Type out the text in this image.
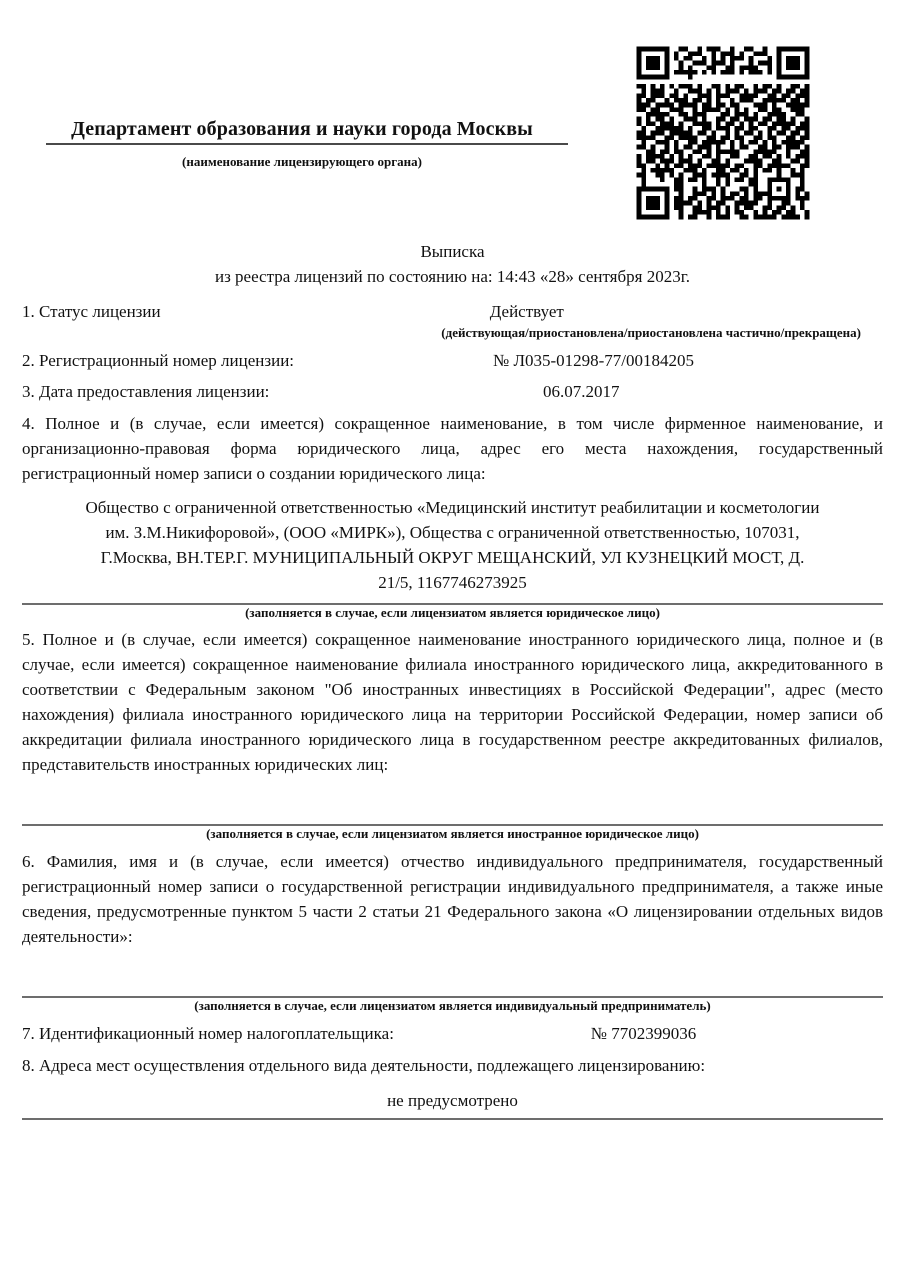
Департамент образования и науки города Москвы
(наименование лицензирующего органа)
Выписка
из реестра лицензий по состоянию на: 14:43 «28» сентября 2023г.
1. Статус лицензии	Действует
(действующая/приостановлена/приостановлена частично/прекращена)
2. Регистрационный номер лицензии:	№ Л035-01298-77/00184205
3. Дата предоставления лицензии:	06.07.2017
4. Полное и (в случае, если имеется) сокращенное наименование, в том числе фирменное наименование, и организационно-правовая форма юридического лица, адрес его места нахождения, государственный регистрационный номер записи о создании юридического лица:
Общество с ограниченной ответственностью «Медицинский институт реабилитации и косметологии
им. З.М.Никифоровой», (ООО «МИРК»), Общества с ограниченной ответственностью, 107031,
Г.Москва, ВН.ТЕР.Г. МУНИЦИПАЛЬНЫЙ ОКРУГ МЕЩАНСКИЙ, УЛ КУЗНЕЦКИЙ МОСТ, Д.
21/5, 1167746273925
(заполняется в случае, если лицензиатом является юридическое лицо)
5. Полное и (в случае, если имеется) сокращенное наименование иностранного юридического лица, полное и (в случае, если имеется) сокращенное наименование филиала иностранного юридического лица, аккредитованного в соответствии с Федеральным законом "Об иностранных инвестициях в Российской Федерации", адрес (место нахождения) филиала иностранного юридического лица на территории Российской Федерации, номер записи об аккредитации филиала иностранного юридического лица в государственном реестре аккредитованных филиалов, представительств иностранных юридических лиц:
(заполняется в случае, если лицензиатом является иностранное юридическое лицо)
6. Фамилия, имя и (в случае, если имеется) отчество индивидуального предпринимателя, государственный регистрационный номер записи о государственной регистрации индивидуального предпринимателя, а также иные сведения, предусмотренные пунктом 5 части 2 статьи 21 Федерального закона «О лицензировании отдельных видов деятельности»:
(заполняется в случае, если лицензиатом является индивидуальный предприниматель)
7. Идентификационный номер налогоплательщика:	№ 7702399036
8. Адреса мест осуществления отдельного вида деятельности, подлежащего лицензированию:
не предусмотрено
